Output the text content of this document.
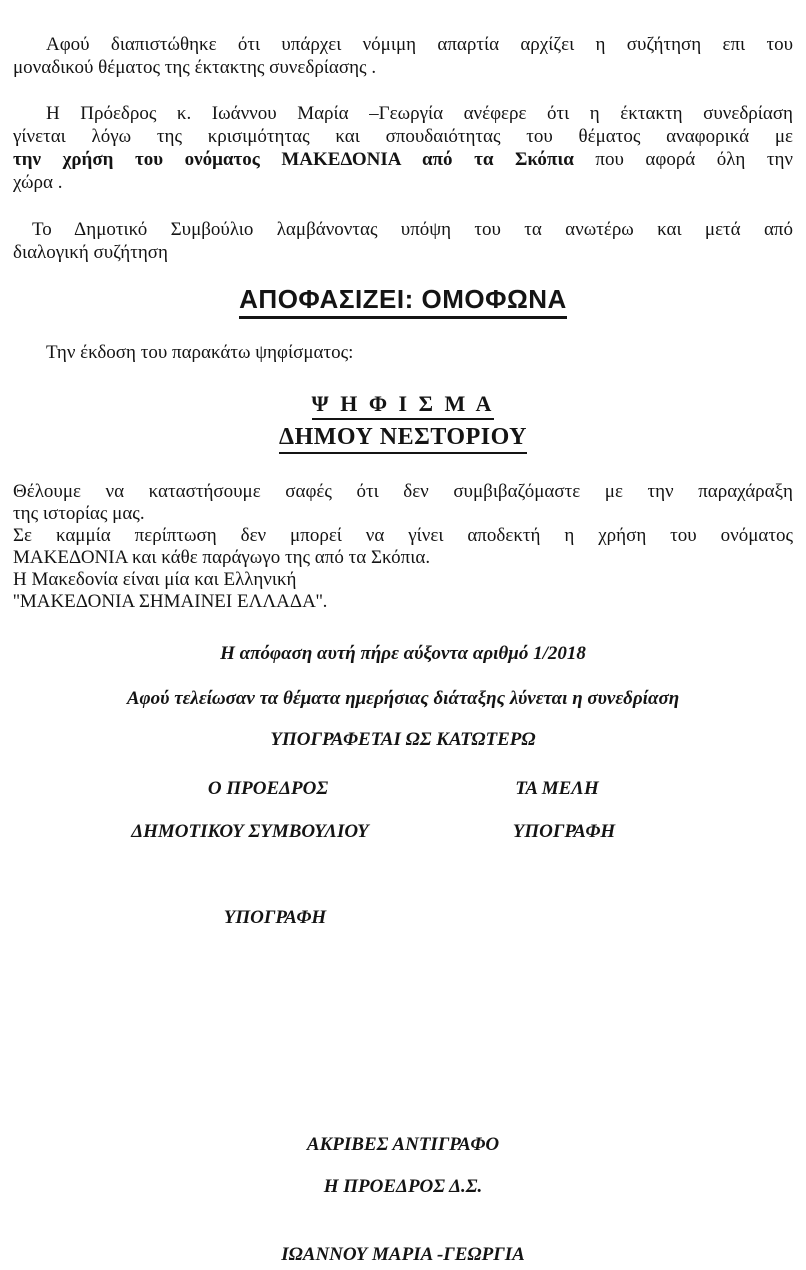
Αφού διαπιστώθηκε ότι υπάρχει νόμιμη απαρτία αρχίζει η συζήτηση επι του
μοναδικού θέματος της έκτακτης συνεδρίασης .
Η Πρόεδρος κ. Ιωάννου Μαρία –Γεωργία ανέφερε ότι η έκτακτη συνεδρίαση
γίνεται λόγω της κρισιμότητας και σπουδαιότητας του θέματος αναφορικά με
την χρήση του ονόματος ΜΑΚΕΔΟΝΙΑ από τα Σκόπια που αφορά όλη την
χώρα .
Το Δημοτικό Συμβούλιο λαμβάνοντας υπόψη του τα ανωτέρω και μετά από
διαλογική συζήτηση
ΑΠΟΦΑΣΙΖΕΙ: ΟΜΟΦΩΝΑ
Την έκδοση του παρακάτω ψηφίσματος:
Ψ Η Φ Ι Σ Μ Α
ΔΗΜΟΥ ΝΕΣΤΟΡΙΟΥ
Θέλουμε να καταστήσουμε σαφές ότι δεν συμβιβαζόμαστε με την παραχάραξη
της ιστορίας μας.
Σε καμμία περίπτωση δεν μπορεί να γίνει αποδεκτή η χρήση του ονόματος
ΜΑΚΕΔΟΝΙΑ και κάθε παράγωγο της από τα Σκόπια.
Η Μακεδονία είναι μία και Ελληνική
''ΜΑΚΕΔΟΝΙΑ ΣΗΜΑΙΝΕΙ ΕΛΛΑΔΑ''.
Η απόφαση αυτή πήρε αύξοντα αριθμό 1/2018
Αφού τελείωσαν τα θέματα ημερήσιας διάταξης λύνεται η συνεδρίαση
ΥΠΟΓΡΑΦΕΤΑΙ ΩΣ ΚΑΤΩΤΕΡΩ
Ο ΠΡΟΕΔΡΟΣ	ΤΑ ΜΕΛΗ
ΔΗΜΟΤΙΚΟΥ ΣΥΜΒΟΥΛΙΟΥ	ΥΠΟΓΡΑΦΗ
ΥΠΟΓΡΑΦΗ
ΑΚΡΙΒΕΣ ΑΝΤΙΓΡΑΦΟ
Η ΠΡΟΕΔΡΟΣ Δ.Σ.
ΙΩΑΝΝΟΥ ΜΑΡΙΑ -ΓΕΩΡΓΙΑ
